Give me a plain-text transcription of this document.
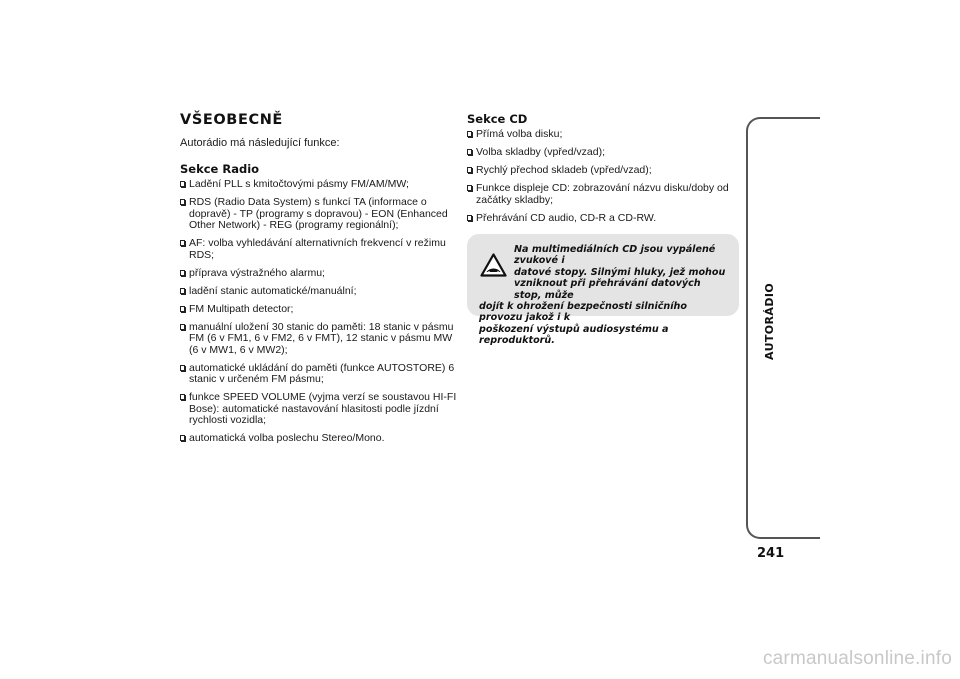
VŠEOBECNĚ

Autorádio má následující funkce:

Sekce Radio
Ladění PLL s kmitočtovými pásmy FM/AM/MW;
RDS (Radio Data System) s funkcí TA (informace o dopravě) - TP (programy s dopravou) - EON (Enhanced Other Network) - REG (programy regionální);
AF: volba vyhledávání alternativních frekvencí v režimu RDS;
příprava výstražného alarmu;
ladění stanic automatické/manuální;
FM Multipath detector;
manuální uložení 30 stanic do paměti: 18 stanic v pásmu FM (6 v FM1, 6 v FM2, 6 v FMT), 12 stanic v pásmu MW (6 v MW1, 6 v MW2);
automatické ukládání do paměti (funkce AUTOSTORE) 6 stanic v určeném FM pásmu;
funkce SPEED VOLUME (vyjma verzí se soustavou HI-FI Bose): automatické nastavování hlasitosti podle jízdní rychlosti vozidla;
automatická volba poslechu Stereo/Mono.
Sekce CD
Přímá volba disku;
Volba skladby (vpřed/vzad);
Rychlý přechod skladeb (vpřed/vzad);
Funkce displeje CD: zobrazování názvu disku/doby od začátky skladby;
Přehrávání CD audio, CD-R a CD-RW.

Na multimediálních CD jsou vypálené zvukové i
datové stopy. Silnými hluky, jež mohou
vzniknout při přehrávání datových stop, může
dojít k ohrožení bezpečnosti silničního provozu jakož i k
poškození výstupů audiosystému a reproduktorů.	AUTORÁDIO
241
carmanualsonline.info
